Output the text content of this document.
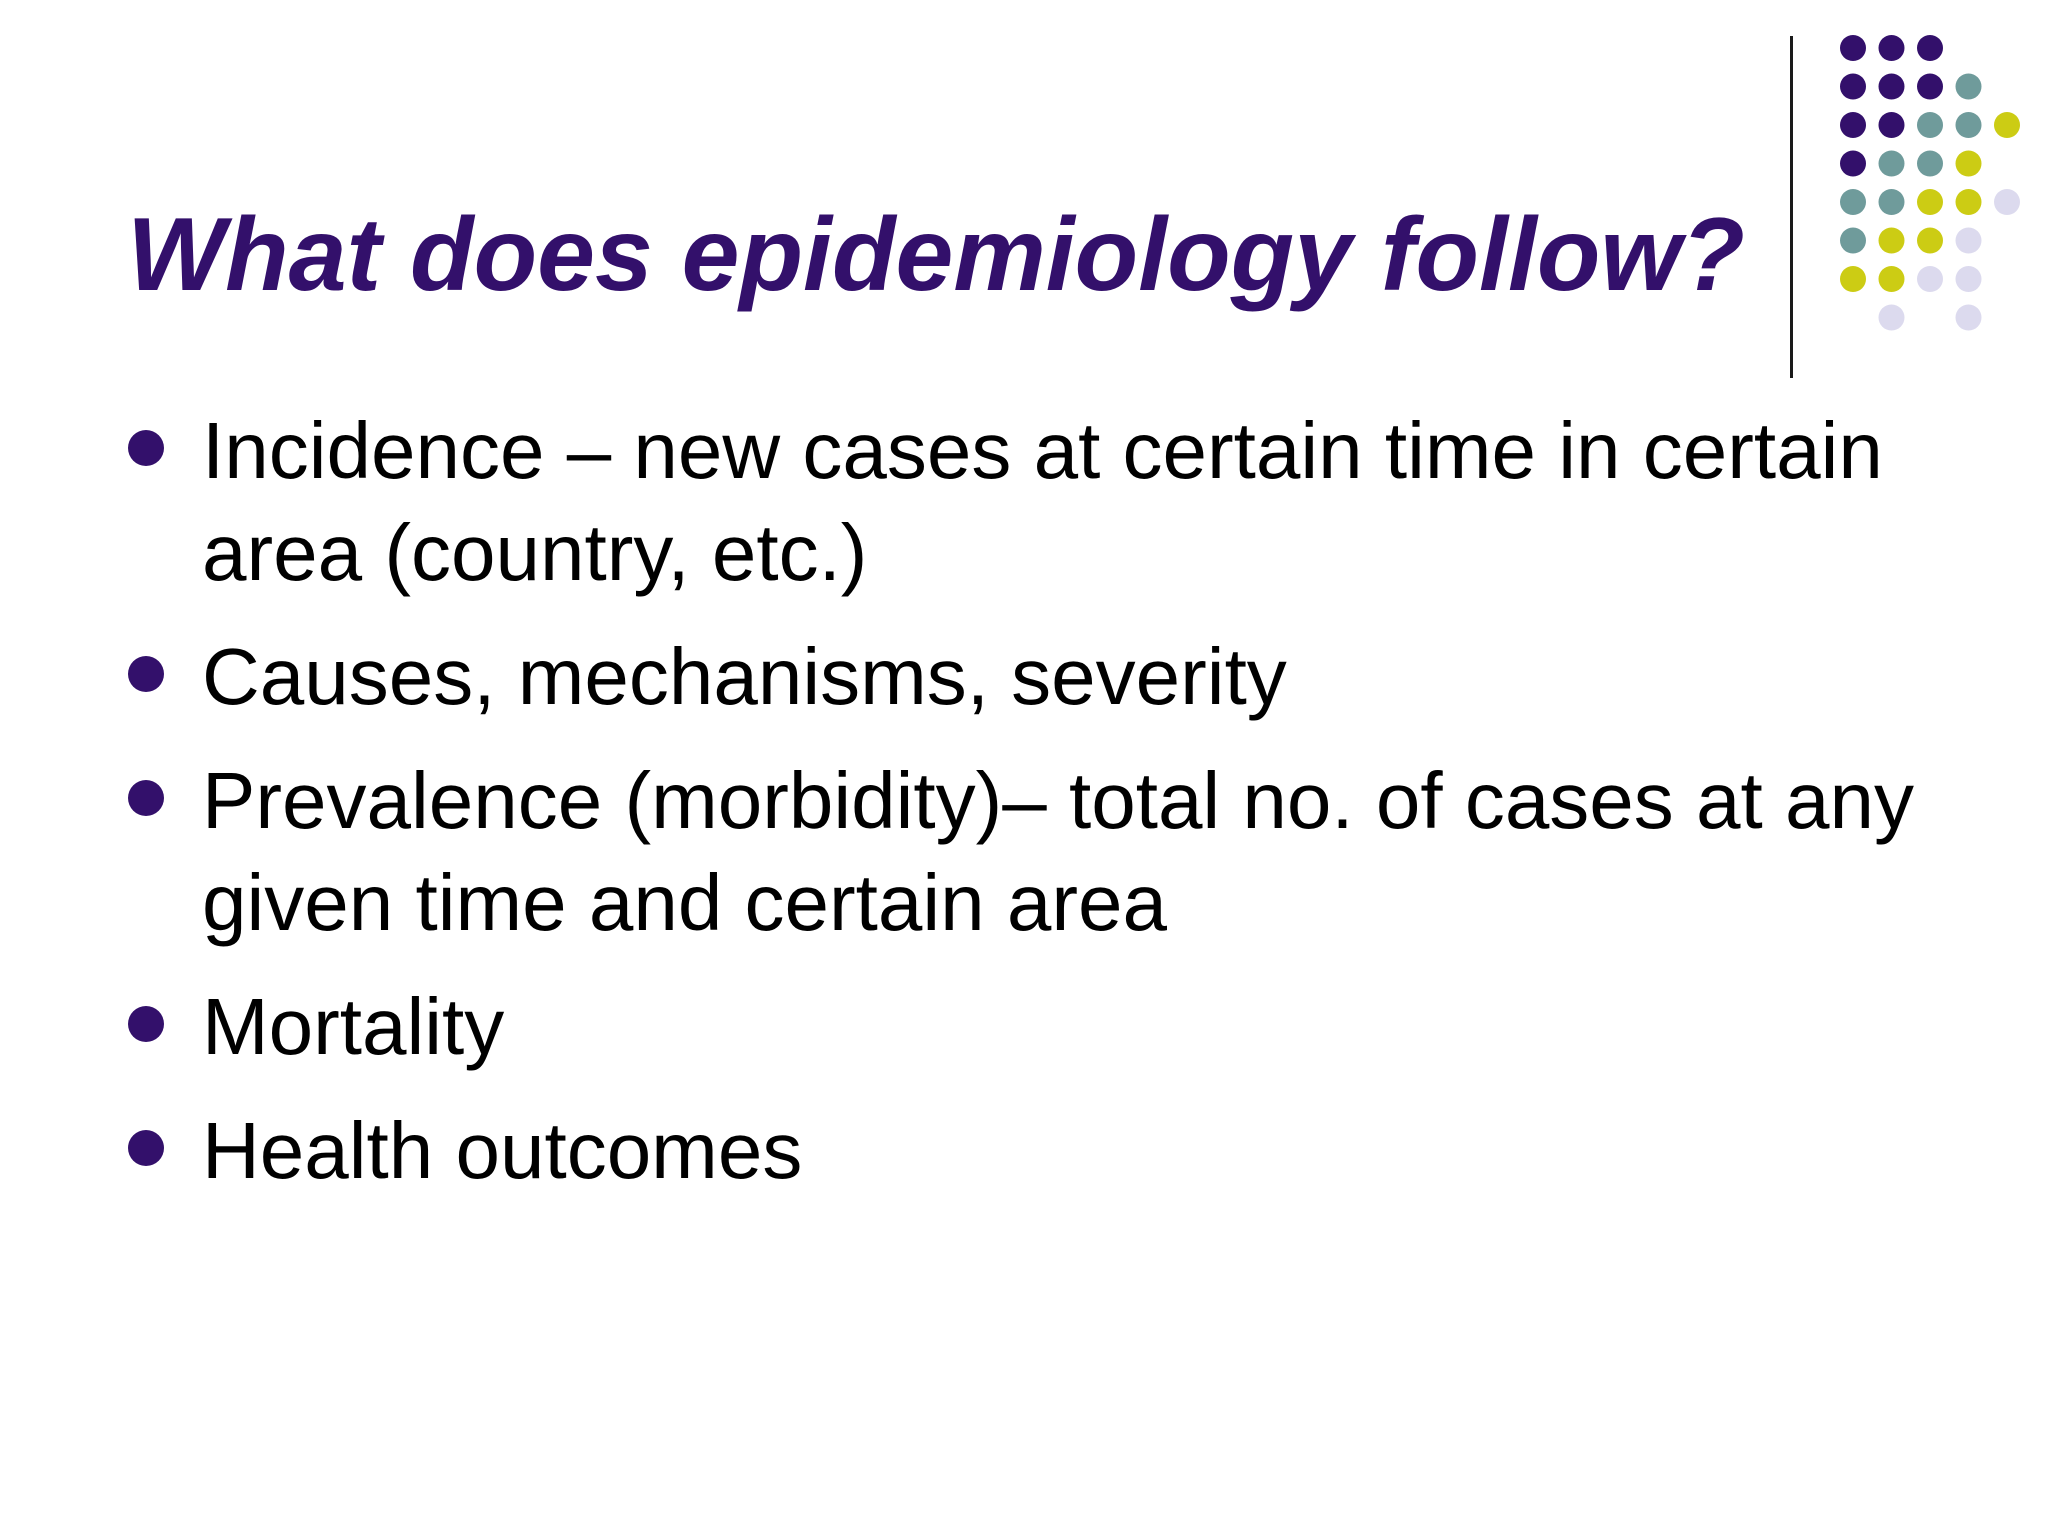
What does epidemiology follow?
Incidence – new cases at certain time in certain area (country, etc.)
Causes, mechanisms, severity
Prevalence (morbidity)– total no. of cases at any given time and certain area
Mortality
Health outcomes
